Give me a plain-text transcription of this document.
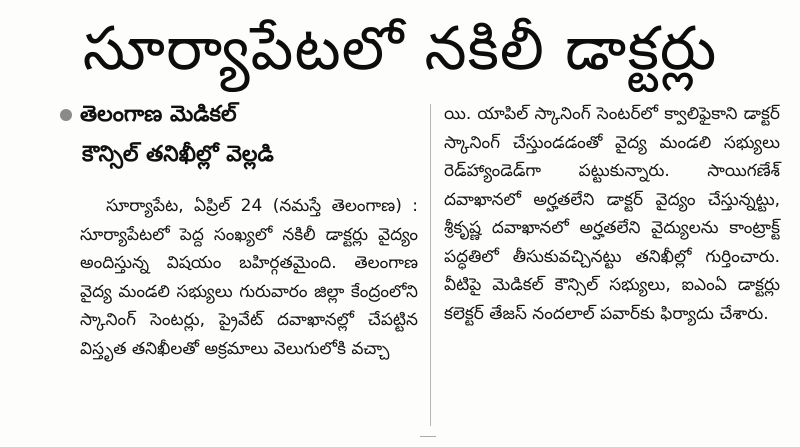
సూర్యాపేటలో నకిలీ డాక్టర్లు
తెలంగాణ మెడికల్
కౌన్సిల్ తనిఖీల్లో వెల్లడి
సూర్యాపేట, ఏప్రిల్ 24 (నమస్తే తెలంగాణ) : సూర్యాపేటలో పెద్ద సంఖ్యలో నకిలీ డాక్టర్లు వైద్యం అందిస్తున్న విషయం బహిర్గతమైంది. తెలంగాణ వైద్య మండలి సభ్యులు గురువారం జిల్లా కేంద్రంలోని స్కానింగ్ సెంటర్లు, ప్రైవేట్ దవాఖానల్లో చేపట్టిన విస్తృత తనిఖీలతో అక్రమాలు వెలుగులోకి వచ్చా
యి. యాపిల్ స్కానింగ్ సెంటర్‌లో క్వాలిఫైకాని డాక్టర్ స్కానింగ్ చేస్తుండడంతో వైద్య మండలి సభ్యులు రెడ్‌హ్యాండెడ్‌గా పట్టుకున్నారు. సాయిగణేశ్ దవాఖానలో అర్హతలేని డాక్టర్ వైద్యం చేస్తున్నట్టు, శ్రీకృష్ణ దవాఖానలో అర్హతలేని వైద్యులను కాంట్రాక్ట్ పద్ధతిలో తీసుకువచ్చినట్టు తనిఖీల్లో గుర్తించారు. వీటిపై మెడికల్ కౌన్సిల్ సభ్యులు, ఐఎంఏ డాక్టర్లు కలెక్టర్ తేజస్ నందలాల్ పవార్‌కు ఫిర్యాదు చేశారు.
